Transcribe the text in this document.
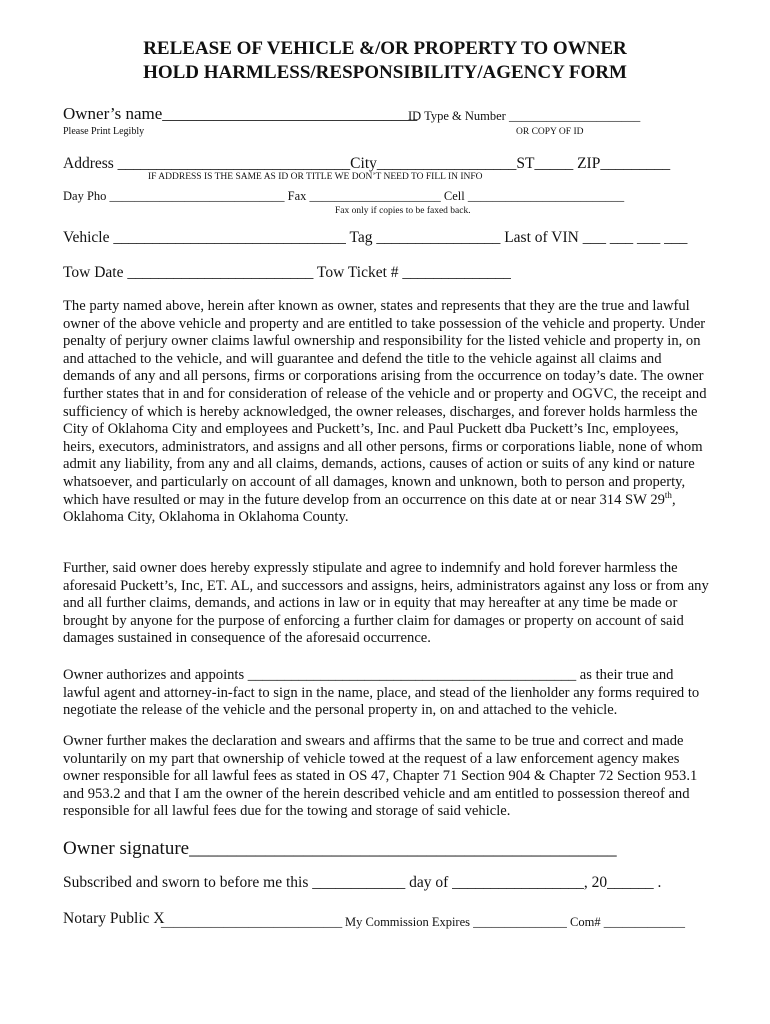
RELEASE OF VEHICLE &/OR PROPERTY TO OWNER
HOLD HARMLESS/RESPONSIBILITY/AGENCY FORM
Owner’s name______________________________
ID Type & Number _____________________
Please Print Legibly	OR COPY OF ID
Address ______________________________City__________________ST_____ ZIP_________
IF ADDRESS IS THE SAME AS ID OR TITLE WE DON’T NEED TO FILL IN INFO
Day Pho ____________________________ Fax _____________________ Cell _________________________
Fax only if copies to be faxed back.
Vehicle ______________________________ Tag ________________ Last of VIN ___ ___ ___ ___
Tow Date ________________________ Tow Ticket # ______________
The party named above, herein after known as owner, states and represents that they are the true and lawful owner of the above vehicle and property and are entitled to take possession of the vehicle and property. Under penalty of perjury owner claims lawful ownership and responsibility for the listed vehicle and property in, on and attached to the vehicle, and will guarantee and defend the title to the vehicle against all claims and demands of any and all persons, firms or corporations arising from the occurrence on today’s date. The owner further states that in and for consideration of release of the vehicle and or property and OGVC, the receipt and sufficiency of which is hereby acknowledged, the owner releases, discharges, and forever holds harmless the City of Oklahoma City and employees and Puckett’s, Inc. and Paul Puckett dba Puckett’s Inc, employees, heirs, executors, administrators, and assigns and all other persons, firms or corporations liable, none of whom admit any liability, from any and all claims, demands, actions, causes of action or suits of any kind or nature whatsoever, and particularly on account of all damages, known and unknown, both to person and property, which have resulted or may in the future develop from an occurrence on this date at or near 314 SW 29th, Oklahoma City, Oklahoma in Oklahoma County.
Further, said owner does hereby expressly stipulate and agree to indemnify and hold forever harmless the aforesaid Puckett’s, Inc, ET. AL, and successors and assigns, heirs, administrators against any loss or from any and all further claims, demands, and actions in law or in equity that may hereafter at any time be made or brought by anyone for the purpose of enforcing a further claim for damages or property on account of said damages sustained in consequence of the aforesaid occurrence.
Owner authorizes and appoints _____________________________________________ as their true and lawful agent and attorney-in-fact to sign in the name, place, and stead of the lienholder any forms required to negotiate the release of the vehicle and the personal property in, on and attached to the vehicle.
Owner further makes the declaration and swears and affirms that the same to be true and correct and made voluntarily on my part that ownership of vehicle towed at the request of a law enforcement agency makes owner responsible for all lawful fees as stated in OS 47, Chapter 71 Section 904 & Chapter 72 Section 953.1 and 953.2 and that I am the owner of the herein described vehicle and am entitled to possession thereof and responsible for all lawful fees due for the towing and storage of said vehicle.
Owner signature_____________________________________________
Subscribed and sworn to before me this ____________ day of _________________, 20______ .
Notary Public X
_____________________________ My Commission Expires _______________ Com# _____________
